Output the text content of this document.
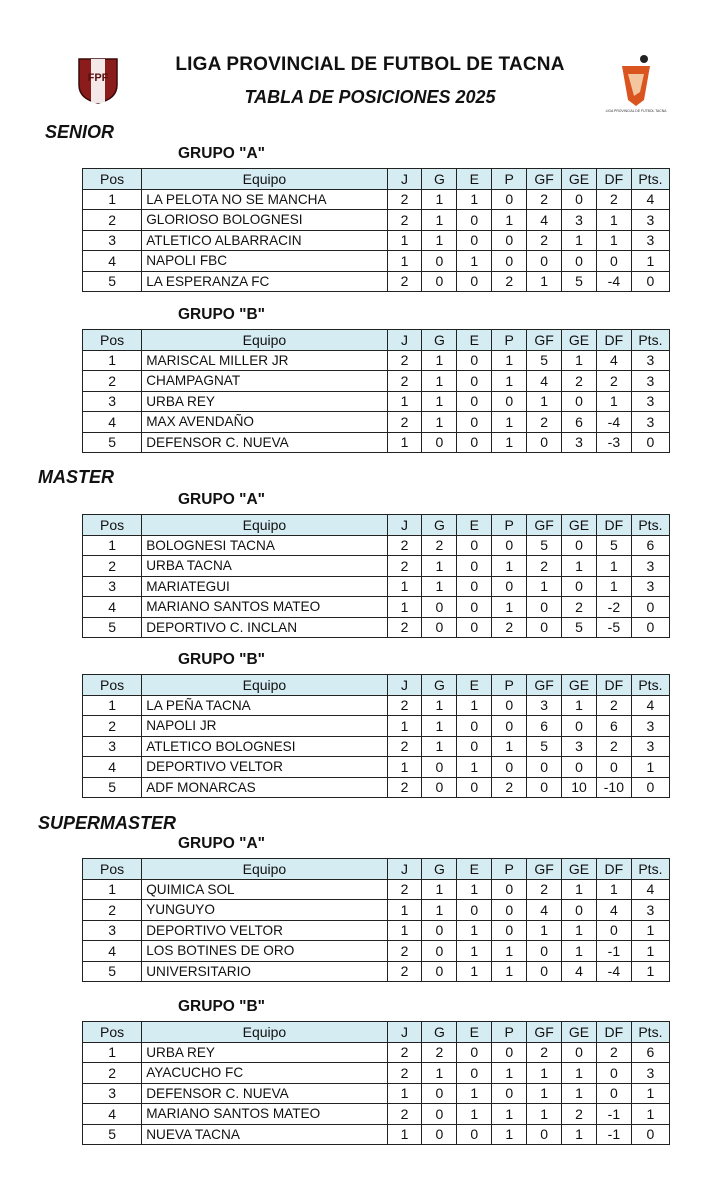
FPF
LIGA PROVINCIAL DE FUTBOL DE TACNA
TABLA DE POSICIONES 2025
LIGA PROVINCIAL DE FUTBOL TACNA
SENIOR
GRUPO "A"
Pos	Equipo	J	G	E	P	GF	GE	DF	Pts.
1	LA PELOTA NO SE MANCHA	2	1	1	0	2	0	2	4
2	GLORIOSO BOLOGNESI	2	1	0	1	4	3	1	3
3	ATLETICO ALBARRACIN	1	1	0	0	2	1	1	3
4	NAPOLI FBC	1	0	1	0	0	0	0	1
5	LA ESPERANZA FC	2	0	0	2	1	5	-4	0
GRUPO "B"
Pos	Equipo	J	G	E	P	GF	GE	DF	Pts.
1	MARISCAL MILLER JR	2	1	0	1	5	1	4	3
2	CHAMPAGNAT	2	1	0	1	4	2	2	3
3	URBA REY	1	1	0	0	1	0	1	3
4	MAX AVENDAÑO	2	1	0	1	2	6	-4	3
5	DEFENSOR C. NUEVA	1	0	0	1	0	3	-3	0
MASTER
GRUPO "A"
Pos	Equipo	J	G	E	P	GF	GE	DF	Pts.
1	BOLOGNESI TACNA	2	2	0	0	5	0	5	6
2	URBA TACNA	2	1	0	1	2	1	1	3
3	MARIATEGUI	1	1	0	0	1	0	1	3
4	MARIANO SANTOS MATEO	1	0	0	1	0	2	-2	0
5	DEPORTIVO C. INCLAN	2	0	0	2	0	5	-5	0
GRUPO "B"
Pos	Equipo	J	G	E	P	GF	GE	DF	Pts.
1	LA PEÑA TACNA	2	1	1	0	3	1	2	4
2	NAPOLI JR	1	1	0	0	6	0	6	3
3	ATLETICO BOLOGNESI	2	1	0	1	5	3	2	3
4	DEPORTIVO VELTOR	1	0	1	0	0	0	0	1
5	ADF MONARCAS	2	0	0	2	0	10	-10	0
SUPERMASTER
GRUPO "A"
Pos	Equipo	J	G	E	P	GF	GE	DF	Pts.
1	QUIMICA SOL	2	1	1	0	2	1	1	4
2	YUNGUYO	1	1	0	0	4	0	4	3
3	DEPORTIVO VELTOR	1	0	1	0	1	1	0	1
4	LOS BOTINES DE ORO	2	0	1	1	0	1	-1	1
5	UNIVERSITARIO	2	0	1	1	0	4	-4	1
GRUPO "B"
Pos	Equipo	J	G	E	P	GF	GE	DF	Pts.
1	URBA REY	2	2	0	0	2	0	2	6
2	AYACUCHO FC	2	1	0	1	1	1	0	3
3	DEFENSOR C. NUEVA	1	0	1	0	1	1	0	1
4	MARIANO SANTOS MATEO	2	0	1	1	1	2	-1	1
5	NUEVA TACNA	1	0	0	1	0	1	-1	0
